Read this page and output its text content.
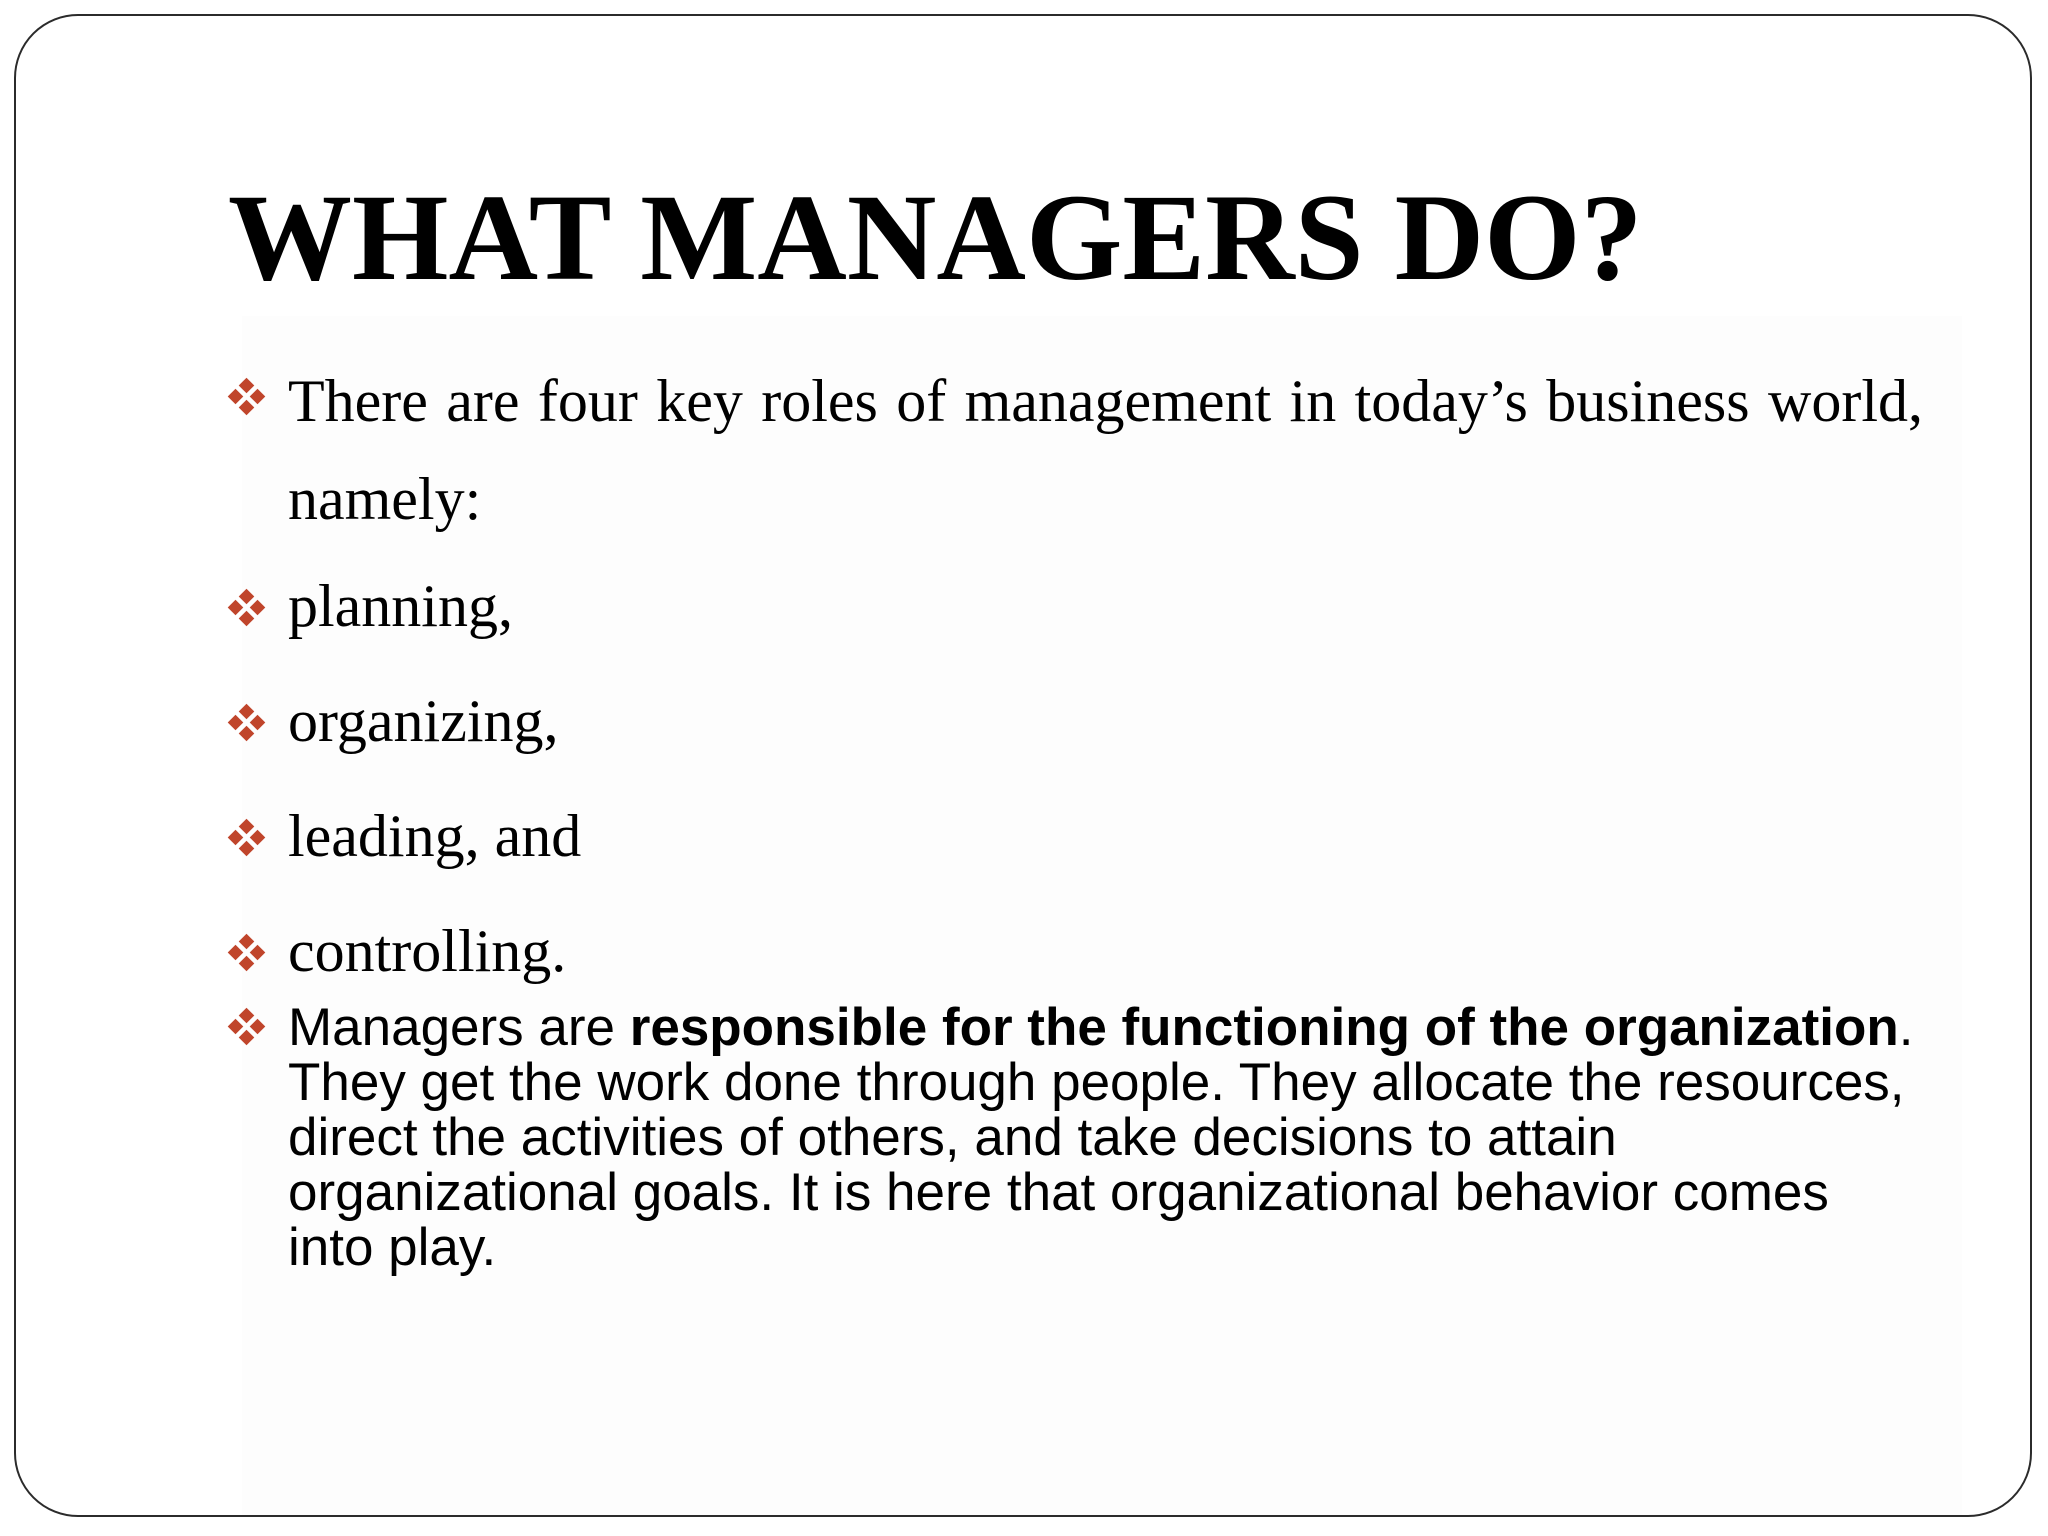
WHAT MANAGERS DO?
There are four key roles of management in today’s business world, namely:
planning,
organizing,
leading, and
controlling.
Managers are responsible for the functioning of the organization. They get the work done through people. They allocate the resources, direct the activities of others, and take decisions to attain organizational goals. It is here that organizational behavior comes into play.
